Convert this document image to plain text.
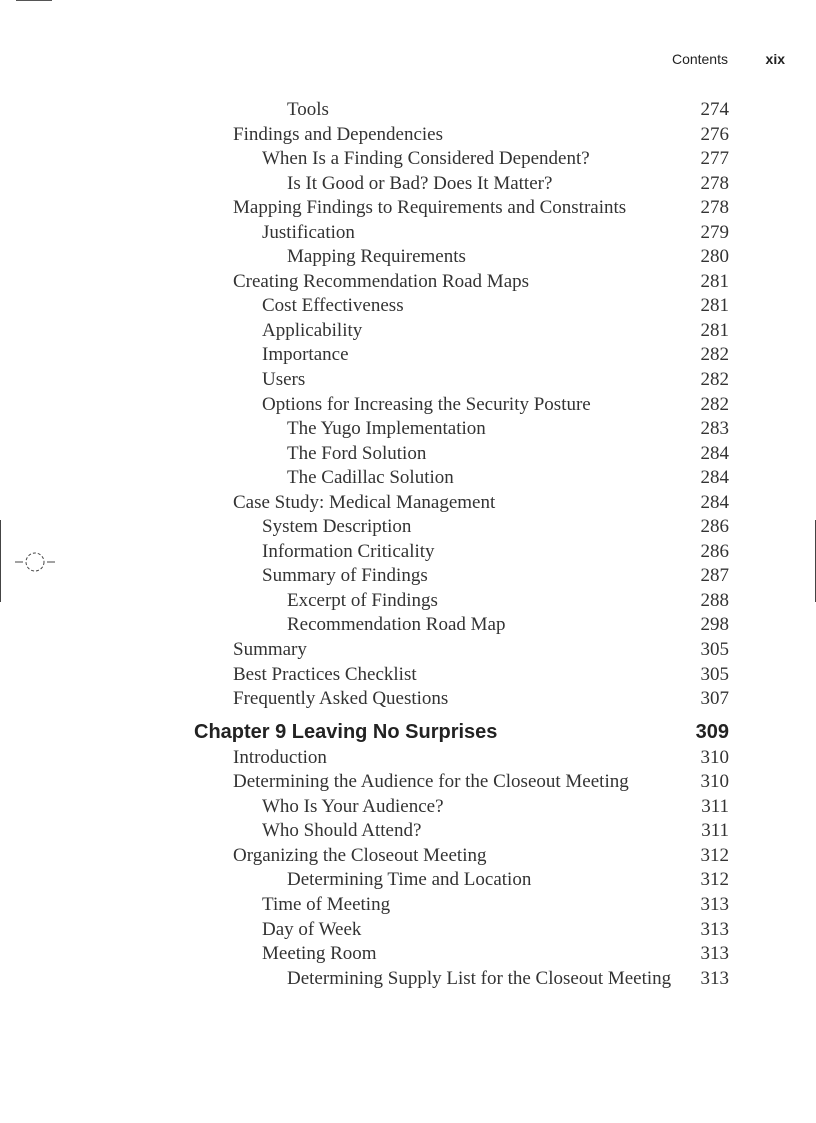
Contents	xix
Tools	274
Findings and Dependencies	276
When Is a Finding Considered Dependent?	277
Is It Good or Bad? Does It Matter?	278
Mapping Findings to Requirements and Constraints	278
Justification	279
Mapping Requirements	280
Creating Recommendation Road Maps	281
Cost Effectiveness	281
Applicability	281
Importance	282
Users	282
Options for Increasing the Security Posture	282
The Yugo Implementation	283
The Ford Solution	284
The Cadillac Solution	284
Case Study: Medical Management	284
System Description	286
Information Criticality	286
Summary of Findings	287
Excerpt of Findings	288
Recommendation Road Map	298
Summary	305
Best Practices Checklist	305
Frequently Asked Questions	307
Chapter 9 Leaving No Surprises	309
Introduction	310
Determining the Audience for the Closeout Meeting	310
Who Is Your Audience?	311
Who Should Attend?	311
Organizing the Closeout Meeting	312
Determining Time and Location	312
Time of Meeting	313
Day of Week	313
Meeting Room	313
Determining Supply List for the Closeout Meeting 313
